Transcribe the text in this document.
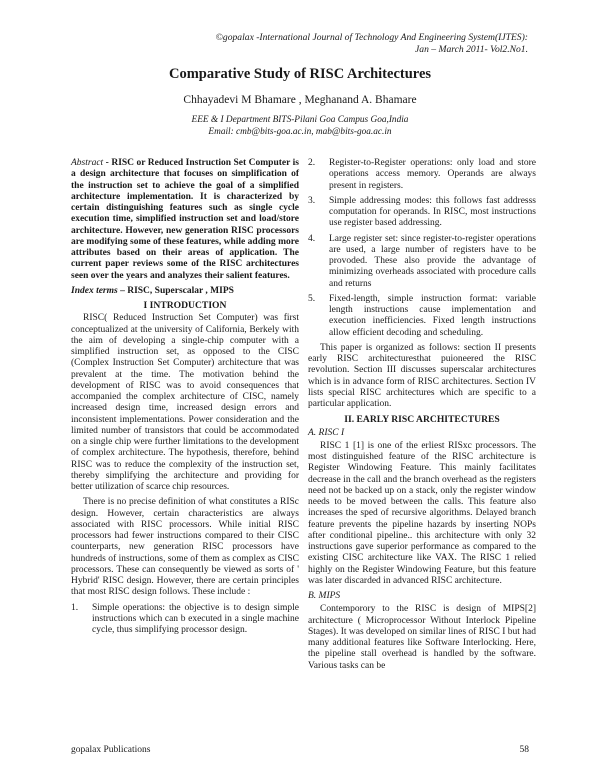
©gopalax -International Journal of Technology And Engineering System(IJTES):
Jan – March 2011- Vol2.No1.
Comparative Study of RISC Architectures
Chhayadevi M Bhamare , Meghanand A. Bhamare
EEE & I Department BITS-Pilani Goa Campus Goa,India
Email: cmb@bits-goa.ac.in, mab@bits-goa.ac.in

Abstract - RISC or Reduced Instruction Set Computer is a design architecture that focuses on simplification of the instruction set to achieve the goal of a simplified architecture implementation. It is characterized by certain distinguishing features such as single cycle execution time, simplified instruction set and load/store architecture. However, new generation RISC processors are modifying some of these features, while adding more attributes based on their areas of application. The current paper reviews some of the RISC architectures seen over the years and analyzes their salient features.

Index terms – RISC, Superscalar , MIPS

I INTRODUCTION

RISC( Reduced Instruction Set Computer) was first conceptualized at the university of California, Berkely with the aim of developing a single-chip computer with a simplified instruction set, as opposed to the CISC (Complex Instruction Set Computer) architecture that was prevalent at the time. The motivation behind the development of RISC was to avoid consequences that accompanied the complex architecture of CISC, namely increased design time, increased design errors and inconsistent implementations. Power consideration and the limited number of transistors that could be accommodated on a single chip were further limitations to the development of complex architecture. The hypothesis, therefore, behind RISC was to reduce the complexity of the instruction set, thereby simplifying the architecture and providing for better utilization of scarce chip resources.

There is no precise definition of what constitutes a RISc design. However, certain characteristics are always associated with RISC processors. While initial RISC processors had fewer instructions compared to their CISC counterparts, new generation RISC processors have hundreds of instructions, some of them as complex as CISC processors. These can consequently be viewed as sorts of ' Hybrid' RISC design. However, there are certain principles that most RISC design follows. These include :

1. Simple operations: the objective is to design simple instructions which can b executed in a single machine cycle, thus simplifying processor design.
2. Register-to-Register operations: only load and store operations access memory. Operands are always present in registers.
3. Simple addressing modes: this follows fast addresss computation for operands. In RISC, most instructions use register based addressing.
4. Large register set: since register-to-register operations are used, a large number of registers have to be provoded. These also provide the advantage of minimizing overheads associated with procedure calls and returns
5. Fixed-length, simple instruction format: variable length instructions cause implementation and execution inefficiencies. Fixed length instructions allow efficient decoding and scheduling.

This paper is organized as follows: section II presents early RISC architecturesthat puioneered the RISC revolution. Section III discusses superscalar architectures which is in advance form of RISC architectures. Section IV lists special RISC architectures which are specific to a particular application.

II. EARLY RISC ARCHITECTURES
A. RISC I

RISC 1 [1] is one of the erliest RISxc processors. The most distinguished feature of the RISC architecture is Register Windowing Feature. This mainly facilitates decrease in the call and the branch overhead as the registers need not be backed up on a stack, only the register window needs to be moved between the calls. This feature also increases the sped of recursive algorithms. Delayed branch feature prevents the pipeline hazards by inserting NOPs after conditional pipeline.. this architecture with only 32 instructions gave superior performance as compared to the existing CISC architecture like VAX. The RISC 1 relied highly on the Register Windowing Feature, but this feature was later discarded in advanced RISC architecture.

B. MIPS

Contemporory to the RISC is design of MIPS[2] architecture ( Microprocessor Without Interlock Pipeline Stages). It was developed on similar lines of RISC I but had many additional features like Software Interlocking. Here, the pipeline stall overhead is handled by the software. Various tasks can be

gopalax Publications	58
